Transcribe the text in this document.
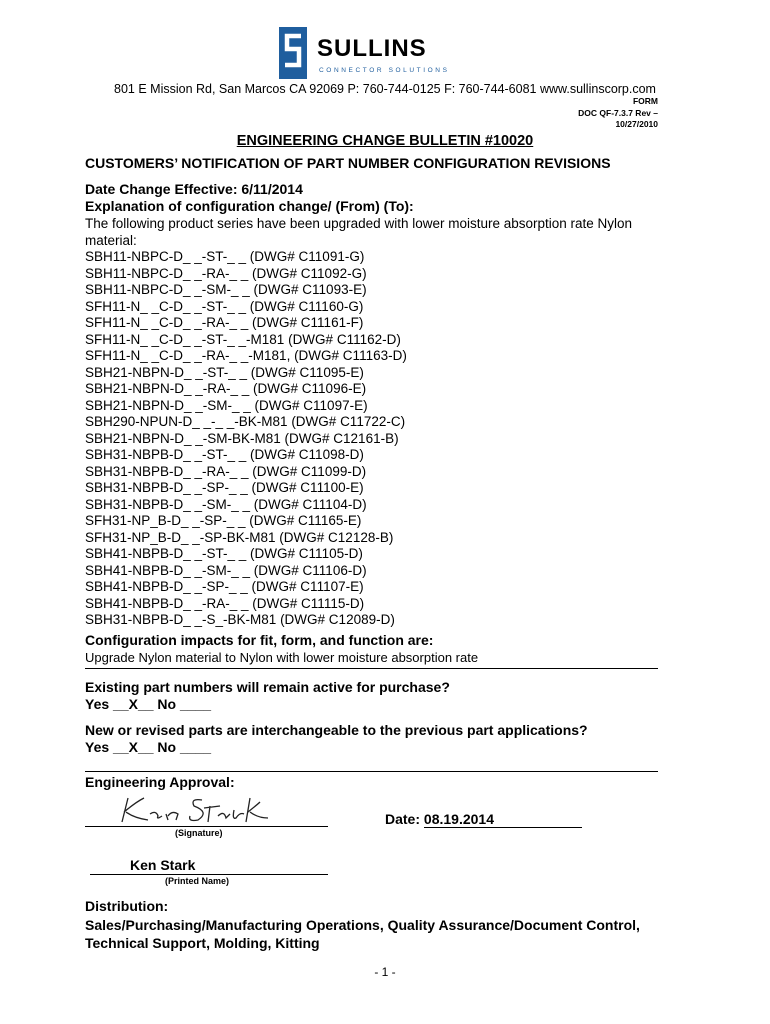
SULLINS
CONNECTOR SOLUTIONS
801 E Mission Rd, San Marcos CA 92069 P: 760-744-0125 F: 760-744-6081 www.sullinscorp.com
FORM
DOC QF-7.3.7 Rev –
10/27/2010
ENGINEERING CHANGE BULLETIN #10020
CUSTOMERS’ NOTIFICATION OF PART NUMBER CONFIGURATION REVISIONS
Date Change Effective: 6/11/2014
Explanation of configuration change/ (From) (To):
The following product series have been upgraded with lower moisture absorption rate Nylon material:
SBH11-NBPC-D_ _-ST-_ _ (DWG# C11091-G)
SBH11-NBPC-D_ _-RA-_ _ (DWG# C11092-G)
SBH11-NBPC-D_ _-SM-_ _ (DWG# C11093-E)
SFH11-N_ _C-D_ _-ST-_ _ (DWG# C11160-G)
SFH11-N_ _C-D_ _-RA-_ _ (DWG# C11161-F)
SFH11-N_ _C-D_ _-ST-_ _-M181 (DWG# C11162-D)
SFH11-N_ _C-D_ _-RA-_ _-M181, (DWG# C11163-D)
SBH21-NBPN-D_ _-ST-_ _ (DWG# C11095-E)
SBH21-NBPN-D_ _-RA-_ _ (DWG# C11096-E)
SBH21-NBPN-D_ _-SM-_ _ (DWG# C11097-E)
SBH290-NPUN-D_ _-_ _-BK-M81 (DWG# C11722-C)
SBH21-NBPN-D_ _-SM-BK-M81 (DWG# C12161-B)
SBH31-NBPB-D_ _-ST-_ _ (DWG# C11098-D)
SBH31-NBPB-D_ _-RA-_ _ (DWG# C11099-D)
SBH31-NBPB-D_ _-SP-_ _ (DWG# C11100-E)
SBH31-NBPB-D_ _-SM-_ _ (DWG# C11104-D)
SFH31-NP_B-D_ _-SP-_ _ (DWG# C11165-E)
SFH31-NP_B-D_ _-SP-BK-M81 (DWG# C12128-B)
SBH41-NBPB-D_ _-ST-_ _ (DWG# C11105-D)
SBH41-NBPB-D_ _-SM-_ _ (DWG# C11106-D)
SBH41-NBPB-D_ _-SP-_ _ (DWG# C11107-E)
SBH41-NBPB-D_ _-RA-_ _ (DWG# C11115-D)
SBH31-NBPB-D_ _-S_-BK-M81 (DWG# C12089-D)
Configuration impacts for fit, form, and function are:
Upgrade Nylon material to Nylon with lower moisture absorption rate
Existing part numbers will remain active for purchase?
Yes __X__ No ____
New or revised parts are interchangeable to the previous part applications?
Yes __X__ No ____
Engineering Approval:
(Signature)
Date: 08.19.2014
Ken Stark
(Printed Name)
Distribution:
Sales/Purchasing/Manufacturing Operations, Quality Assurance/Document Control, Technical Support, Molding, Kitting
- 1 -
